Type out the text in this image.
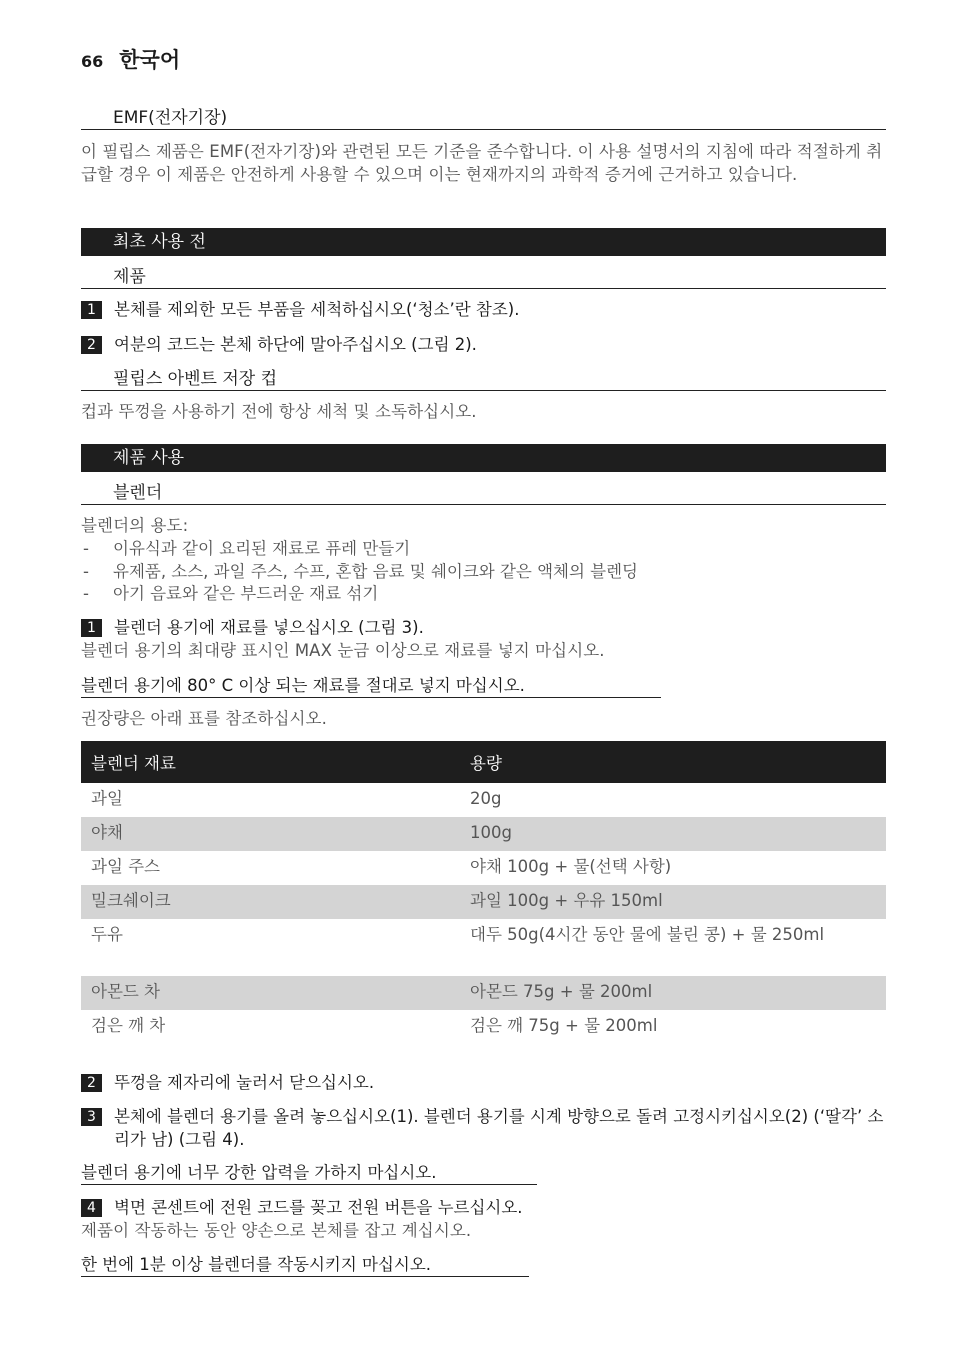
66 한국어
EMF(전자기장)

이 필립스 제품은 EMF(전자기장)와 관련된 모든 기준을 준수합니다. 이 사용 설명서의 지침에 따라 적절하게 취급할 경우 이 제품은 안전하게 사용할 수 있으며 이는 현재까지의 과학적 증거에 근거하고 있습니다.

최초 사용 전
제품
1	본체를 제외한 모든 부품을 세척하십시오(‘청소’란 참조).
2	여분의 코드는 본체 하단에 말아주십시오 (그림 2).
필립스 아벤트 저장 컵

컵과 뚜껑을 사용하기 전에 항상 세척 및 소독하십시오.

제품 사용
블렌더

블렌더의 용도:

- 이유식과 같이 요리된 재료로 퓨레 만들기
- 유제품, 소스, 과일 주스, 수프, 혼합 음료 및 쉐이크와 같은 액체의 블렌딩
- 아기 음료와 같은 부드러운 재료 섞기
1	블렌더 용기에 재료를 넣으십시오 (그림 3).

블렌더 용기의 최대량 표시인 MAX 눈금 이상으로 재료를 넣지 마십시오.

블렌더 용기에 80° C 이상 되는 재료를 절대로 넣지 마십시오.

권장량은 아래 표를 참조하십시오.

블렌더 재료	용량
과일	20g
야채	100g
과일 주스	야채 100g + 물(선택 사항)
밀크쉐이크	과일 100g + 우유 150ml
두유	대두 50g(4시간 동안 물에 불린 콩) + 물 250ml
아몬드 차	아몬드 75g + 물 200ml
검은 깨 차	검은 깨 75g + 물 200ml
2	뚜껑을 제자리에 눌러서 닫으십시오.
3	본체에 블렌더 용기를 올려 놓으십시오(1). 블렌더 용기를 시계 방향으로 돌려 고정시키십시오(2) (‘딸각’ 소리가 남) (그림 4).
블렌더 용기에 너무 강한 압력을 가하지 마십시오.
4	벽면 콘센트에 전원 코드를 꽂고 전원 버튼을 누르십시오.

제품이 작동하는 동안 양손으로 본체를 잡고 계십시오.

한 번에 1분 이상 블렌더를 작동시키지 마십시오.
